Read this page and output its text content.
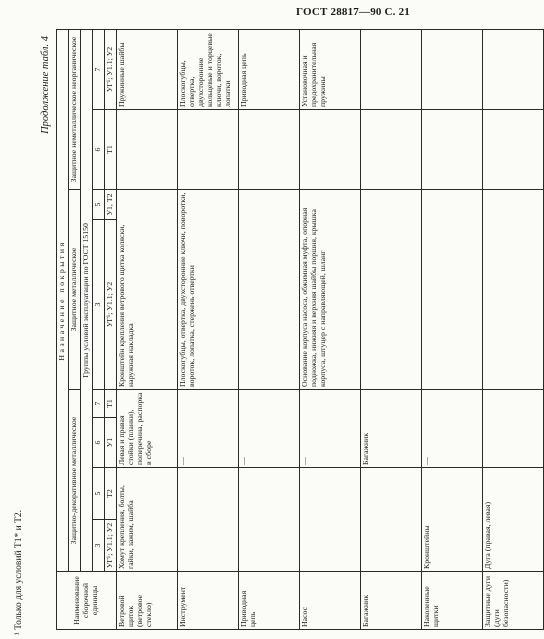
ГОСТ 28817—90 С. 21
Продолжение табл. 4
Наименование сборочной единицы	Назначение покрытия							
	Защитно-декоративное металлическое				Защитное металлическое		Защитное неметаллическое неорганическое	
	Группы условий эксплуатации по ГОСТ 15150							
	3	5	6	7	3	5	6	7
	УГ¹; У1.1; У2	Т2	У1	Т1	УГ¹; У1.1; У2	У1, Т2	Т1	УГ¹; У1.1; У2
Ветровой щиток (ветровое стекло)	Хомут крепления, болты, гайки, зажим, шайба		Левая и правая стойки (планки), поперечина, распорка в сборе		Кронштейн крепления ветрового щитка коляски, наружная накладка			Пружинные шайбы
Инструмент			—		Плоскогубцы, отвертка, двухсторонние ключи, поворотки, вороток, лопатка, стержень отвертки			Плоскогубцы, отвертка, двухсторонние кольцевые и торцевые ключи, вороток, лопатки
Приводная цепь			—					Приводная цепь
Насос			—		Основание корпуса насоса, обжимная муфта, опорная подножка, нижняя и верхняя шайбы поршня, крышка корпуса, штуцер с направляющей, шланг			Установочная и предохранительная пружины
Багажник			Багажник					
Наколенные щитки	Кронштейны		—					
Защитные дуги (дуги безопасности)	Дуга (правая, левая)							
¹ Только для условий Т1* и Т2.
